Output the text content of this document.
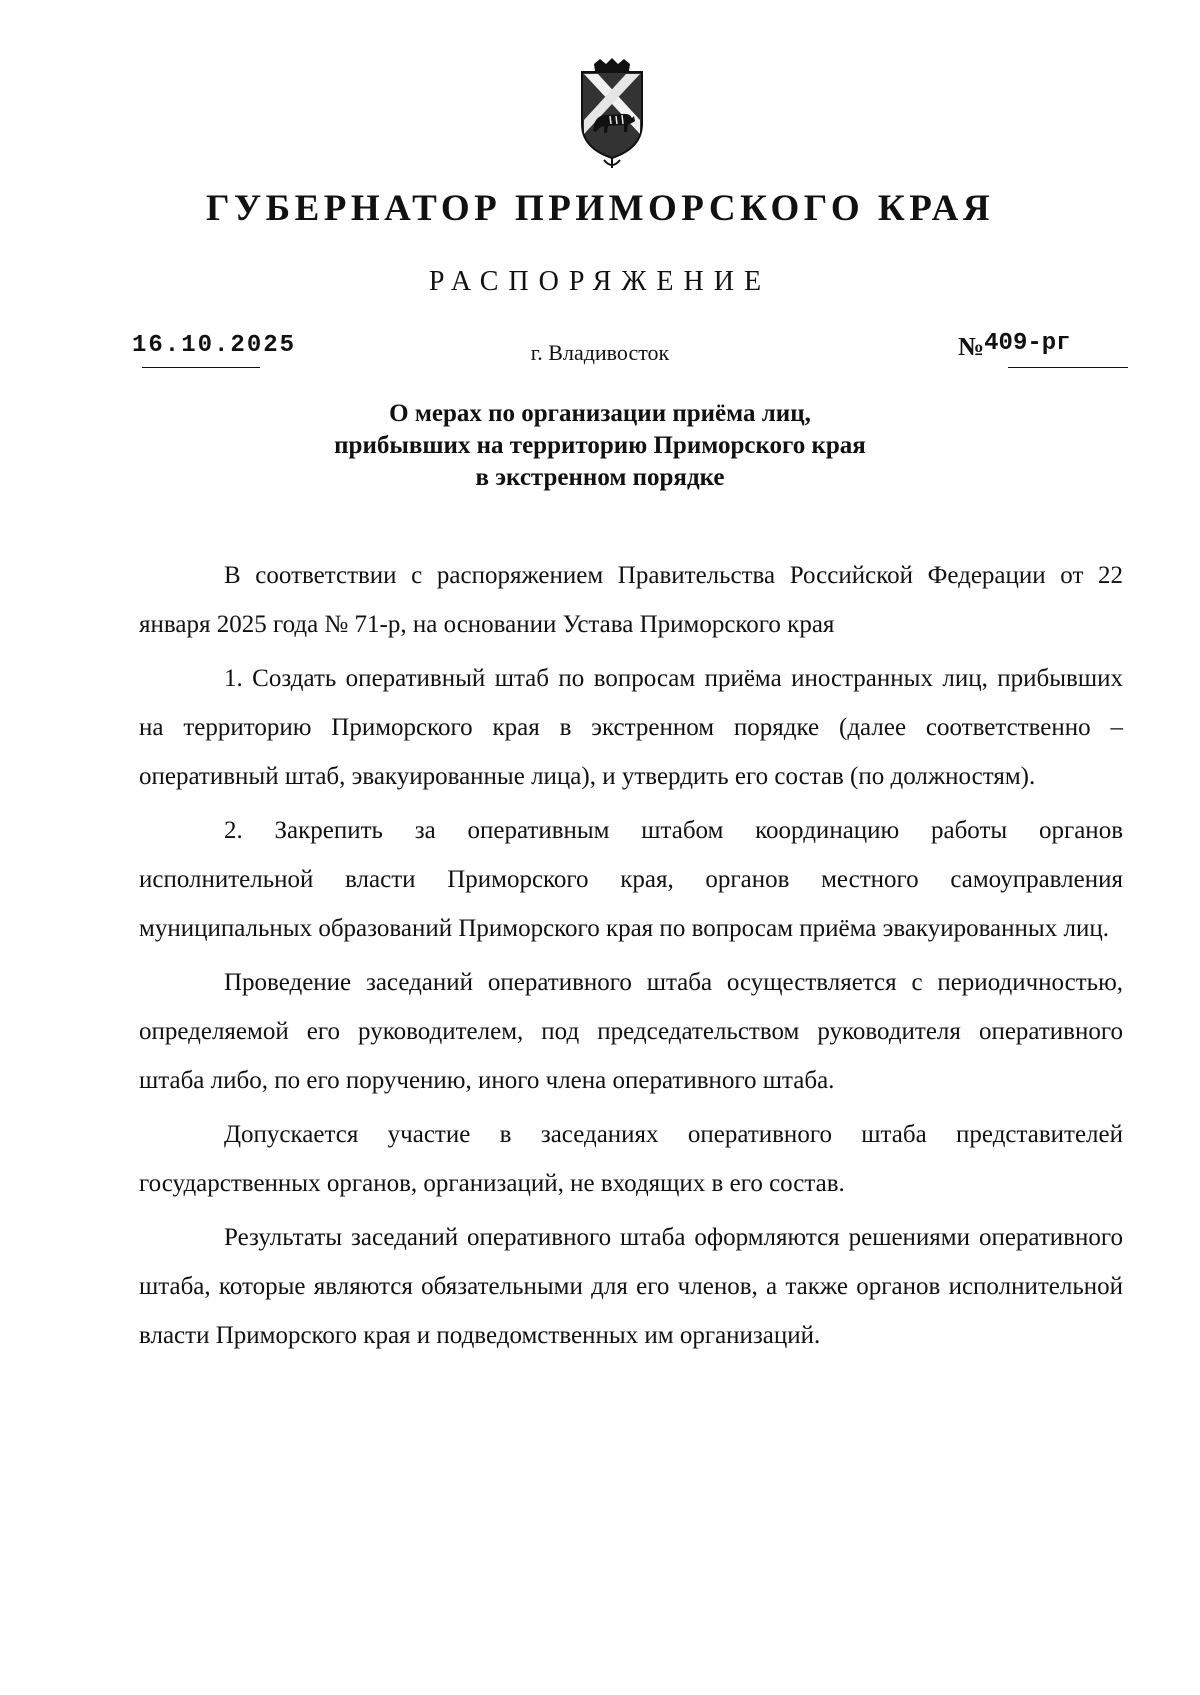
ГУБЕРНАТОР ПРИМОРСКОГО КРАЯ
РАСПОРЯЖЕНИЕ
16.10.2025	г. Владивосток	№409-рг
О мерах по организации приёма лиц,
прибывших на территорию Приморского края
в экстренном порядке

В соответствии с распоряжением Правительства Российской Федерации от 22 января 2025 года № 71-р, на основании Устава Приморского края

1. Создать оперативный штаб по вопросам приёма иностранных лиц, прибывших на территорию Приморского края в экстренном порядке (далее соответственно – оперативный штаб, эвакуированные лица), и утвердить его состав (по должностям).

2. Закрепить за оперативным штабом координацию работы органов исполнительной власти Приморского края, органов местного самоуправления муниципальных образований Приморского края по вопросам приёма эвакуированных лиц.

Проведение заседаний оперативного штаба осуществляется с периодичностью, определяемой его руководителем, под председательством руководителя оперативного штаба либо, по его поручению, иного члена оперативного штаба.

Допускается участие в заседаниях оперативного штаба представителей государственных органов, организаций, не входящих в его состав.

Результаты заседаний оперативного штаба оформляются решениями оперативного штаба, которые являются обязательными для его членов, а также органов исполнительной власти Приморского края и подведомственных им организаций.
